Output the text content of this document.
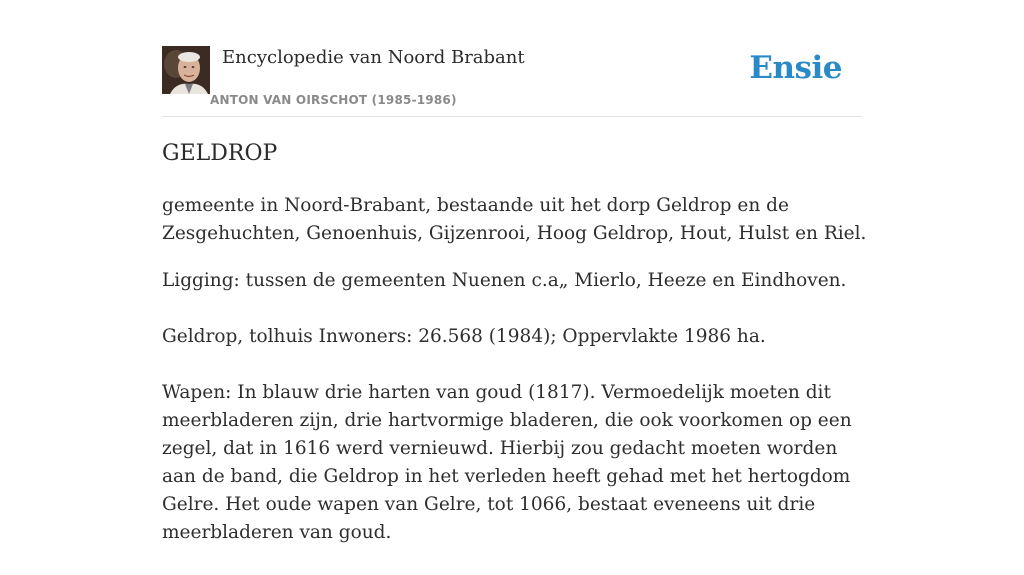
Encyclopedie van Noord Brabant
ANTON VAN OIRSCHOT (1985-1986)
Ensie
GELDROP

gemeente in Noord-Brabant, bestaande uit het dorp Geldrop en de Zesgehuchten, Genoenhuis, Gijzenrooi, Hoog Geldrop, Hout, Hulst en Riel.

Ligging: tussen de gemeenten Nuenen c.a„ Mierlo, Heeze en Eindhoven.

Geldrop, tolhuis Inwoners: 26.568 (1984); Oppervlakte 1986 ha.

Wapen: In blauw drie harten van goud (1817). Vermoedelijk moeten dit meerbladeren zijn, drie hartvormige bladeren, die ook voorkomen op een zegel, dat in 1616 werd vernieuwd. Hierbij zou gedacht moeten worden aan de band, die Geldrop in het verleden heeft gehad met het hertogdom Gelre. Het oude wapen van Gelre, tot 1066, bestaat eveneens uit drie meerbladeren van goud.
